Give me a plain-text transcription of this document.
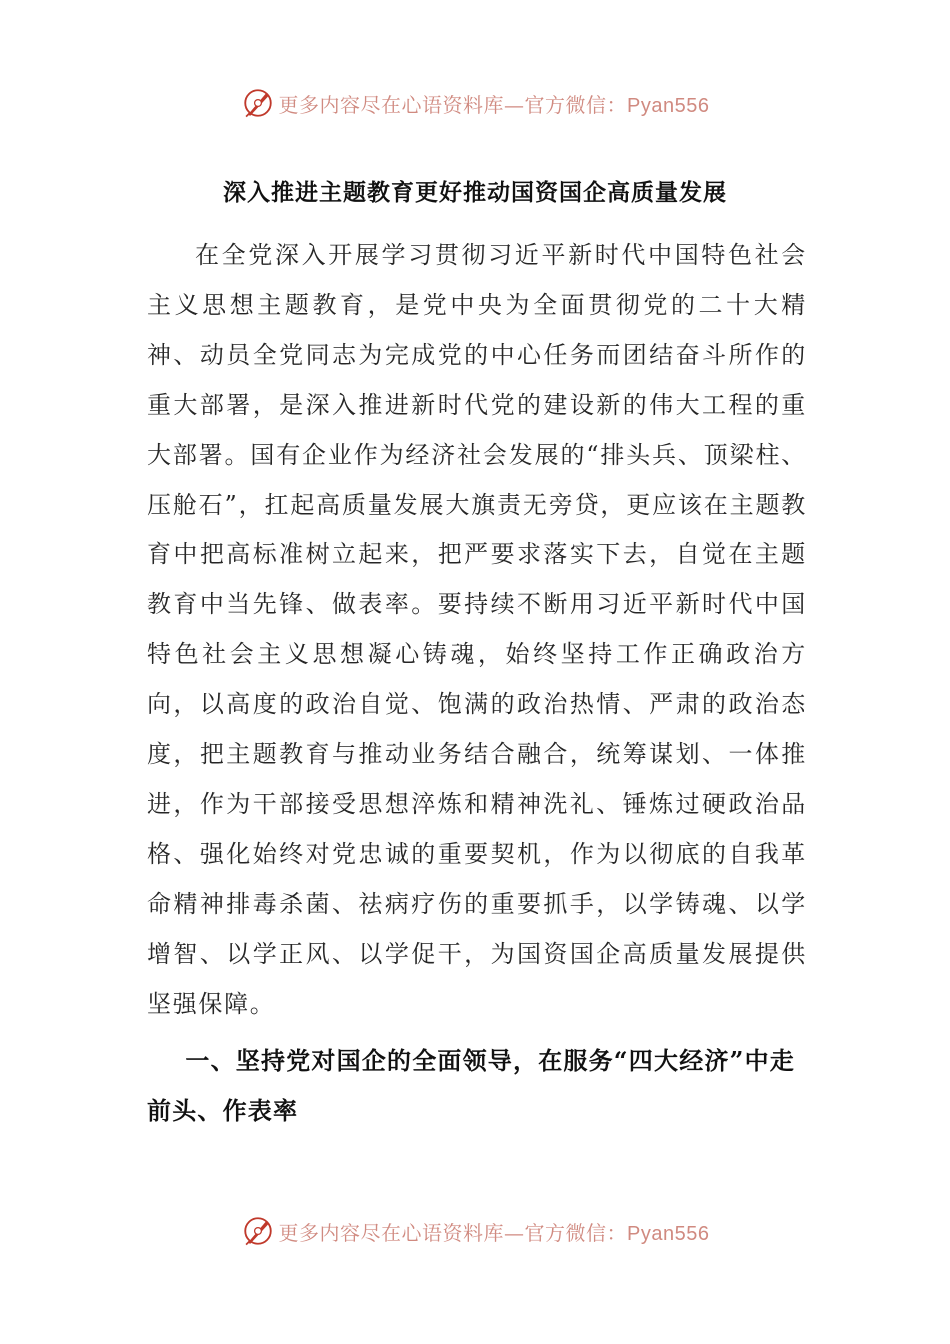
更多内容尽在心语资料库—官方微信：Pyan556
深入推进主题教育更好推动国资国企高质量发展

在全党深入开展学习贯彻习近平新时代中国特色社会主义思想主题教育，是党中央为全面贯彻党的二十大精神、动员全党同志为完成党的中心任务而团结奋斗所作的重大部署，是深入推进新时代党的建设新的伟大工程的重大部署。国有企业作为经济社会发展的“排头兵、顶梁柱、压舱石”，扛起高质量发展大旗责无旁贷，更应该在主题教育中把高标准树立起来，把严要求落实下去，自觉在主题教育中当先锋、做表率。要持续不断用习近平新时代中国特色社会主义思想凝心铸魂，始终坚持工作正确政治方向，以高度的政治自觉、饱满的政治热情、严肃的政治态度，把主题教育与推动业务结合融合，统筹谋划、一体推进，作为干部接受思想淬炼和精神洗礼、锤炼过硬政治品格、强化始终对党忠诚的重要契机，作为以彻底的自我革命精神排毒杀菌、祛病疗伤的重要抓手，以学铸魂、以学增智、以学正风、以学促干，为国资国企高质量发展提供坚强保障。

一、坚持党对国企的全面领导，在服务“四大经济”中走前头、作表率

更多内容尽在心语资料库—官方微信：Pyan556
